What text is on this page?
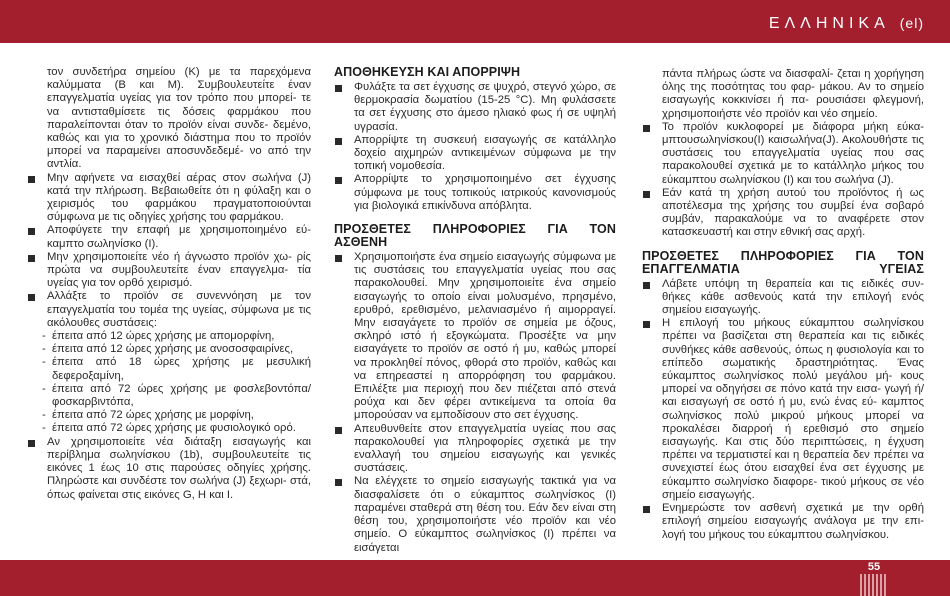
ΕΛΛΗΝΙΚΑ (el)
τον συνδετήρα σημείου (K) με τα παρεχόμενα καλύμματα (B και M). Συμβουλευτείτε έναν επαγγελματία υγείας για τον τρόπο που μπορεί- τε να αντισταθμίσετε τις δόσεις φαρμάκου που παραλείπονται όταν το προϊόν είναι συνδε- δεμένο, καθώς και για το χρονικό διάστημα που το προϊόν μπορεί να παραμείνει αποσυνδεδεμέ- νο από την αντλία.
Μην αφήνετε να εισαχθεί αέρας στον σωλήνα (J) κατά την πλήρωση. Βεβαιωθείτε ότι η φύλαξη και ο χειρισμός του φαρμάκου πραγματοποιούνται σύμφωνα με τις οδηγίες χρήσης του φαρμάκου.
Αποφύγετε την επαφή με χρησιμοποιημένο εύ- καμπτο σωληνίσκο (I).
Μην χρησιμοποιείτε νέο ή άγνωστο προϊόν χω- ρίς πρώτα να συμβουλευτείτε έναν επαγγελμα- τία υγείας για τον ορθό χειρισμό.
Αλλάξτε το προϊόν σε συνεννόηση με τον επαγγελματία του τομέα της υγείας, σύμφωνα με τις ακόλουθες συστάσεις:
- έπειτα από 12 ώρες χρήσης με απομορφίνη,
- έπειτα από 12 ώρες χρήσης με ανοσοσφαιρίνες,
- έπειτα από 18 ώρες χρήσης με μεσυλική δεφεροξαμίνη,
- έπειτα από 72 ώρες χρήσης με φοσλεβοντόπα/ φοσκαρβιντόπα,
- έπειτα από 72 ώρες χρήσης με μορφίνη,
- έπειτα από 72 ώρες χρήσης με φυσιολογικό ορό.
Αν χρησιμοποιείτε νέα διάταξη εισαγωγής και περίβλημα σωληνίσκου (1b), συμβουλευτείτε τις εικόνες 1 έως 10 στις παρούσες οδηγίες χρήσης. Πληρώστε και συνδέστε τον σωλήνα (J) ξεχωρι- στά, όπως φαίνεται στις εικόνες G, H και I.
ΑΠΟΘΗΚΕΥΣΗ ΚΑΙ ΑΠΟΡΡΙΨΗ
Φυλάξτε τα σετ έγχυσης σε ψυχρό, στεγνό χώρο, σε θερμοκρασία δωματίου (15-25 °C). Μη φυλάσσετε τα σετ έγχυσης στο άμεσο ηλιακό φως ή σε υψηλή υγρασία.
Απορρίψτε τη συσκευή εισαγωγής σε κατάλληλο δοχείο αιχμηρών αντικειμένων σύμφωνα με την τοπική νομοθεσία.
Απορρίψτε το χρησιμοποιημένο σετ έγχυσης σύμφωνα με τους τοπικούς ιατρικούς κανονισμούς για βιολογικά επικίνδυνα απόβλητα.
ΠΡΟΣΘΕΤΕΣ ΠΛΗΡΟΦΟΡΙΕΣ ΓΙΑ ΤΟΝ ΑΣΘΕΝΗ
Χρησιμοποιήστε ένα σημείο εισαγωγής σύμφωνα με τις συστάσεις του επαγγελματία υγείας που σας παρακολουθεί. Μην χρησιμοποιείτε ένα σημείο εισαγωγής το οποίο είναι μολυσμένο, πρησμένο, ερυθρό, ερεθισμένο, μελανιασμένο ή αιμορραγεί. Μην εισαγάγετε το προϊόν σε σημεία με όζους, σκληρό ιστό ή εξογκώματα. Προσέξτε να μην εισαγάγετε το προϊόν σε οστό ή μυ, καθώς μπορεί να προκληθεί πόνος, φθορά στο προϊόν, καθώς και να επηρεαστεί η απορρόφηση του φαρμάκου. Επιλέξτε μια περιοχή που δεν πιέζεται από στενά ρούχα και δεν φέρει αντικείμενα τα οποία θα μπορούσαν να εμποδίσουν στο σετ έγχυσης.
Απευθυνθείτε στον επαγγελματία υγείας που σας παρακολουθεί για πληροφορίες σχετικά με την εναλλαγή του σημείου εισαγωγής και γενικές συστάσεις.
Να ελέγχετε το σημείο εισαγωγής τακτικά για να διασφαλίσετε ότι ο εύκαμπτος σωληνίσκος (I) παραμένει σταθερά στη θέση του. Εάν δεν είναι στη θέση του, χρησιμοποιήστε νέο προϊόν και νέο σημείο. Ο εύκαμπτος σωληνίσκος (I) πρέπει να εισάγεται
πάντα πλήρως ώστε να διασφαλί- ζεται η χορήγηση όλης της ποσότητας του φαρ- μάκου. Αν το σημείο εισαγωγής κοκκινίσει ή πα- ρουσιάσει φλεγμονή, χρησιμοποιήστε νέο προϊόν και νέο σημείο.
Το προϊόν κυκλοφορεί με διάφορα μήκη εύκα- μπτουσωληνίσκου(I) καισωλήνα(J). Ακολουθήστε τις συστάσεις του επαγγελματία υγείας που σας παρακολουθεί σχετικά με το κατάλληλο μήκος του εύκαμπτου σωληνίσκου (I) και του σωλήνα (J).
Εάν κατά τη χρήση αυτού του προϊόντος ή ως αποτέλεσμα της χρήσης του συμβεί ένα σοβαρό συμβάν, παρακαλούμε να το αναφέρετε στον κατασκευαστή και στην εθνική σας αρχή.
ΠΡΟΣΘΕΤΕΣ ΠΛΗΡΟΦΟΡΙΕΣ ΓΙΑ ΤΟΝ ΕΠΑΓΓΕΛΜΑΤΙΑ ΥΓΕΙΑΣ
Λάβετε υπόψη τη θεραπεία και τις ειδικές συν- θήκες κάθε ασθενούς κατά την επιλογή ενός σημείου εισαγωγής.
Η επιλογή του μήκους εύκαμπτου σωληνίσκου πρέπει να βασίζεται στη θεραπεία και τις ειδικές συνθήκες κάθε ασθενούς, όπως η φυσιολογία και το επίπεδο σωματικής δραστηριότητας. Ένας εύκαμπτος σωληνίσκος πολύ μεγάλου μή- κους μπορεί να οδηγήσει σε πόνο κατά την εισα- γωγή ή/και εισαγωγή σε οστό ή μυ, ενώ ένας εύ- καμπτος σωληνίσκος πολύ μικρού μήκους μπορεί να προκαλέσει διαρροή ή ερεθισμό στο σημείο εισαγωγής. Και στις δύο περιπτώσεις, η έγχυση πρέπει να τερματιστεί και η θεραπεία δεν πρέπει να συνεχιστεί έως ότου εισαχθεί ένα σετ έγχυσης με εύκαμπτο σωληνίσκο διαφορε- τικού μήκους σε νέο σημείο εισαγωγής.
Ενημερώστε τον ασθενή σχετικά με την ορθή επιλογή σημείου εισαγωγής ανάλογα με την επι- λογή του μήκους του εύκαμπτου σωληνίσκου.
55
